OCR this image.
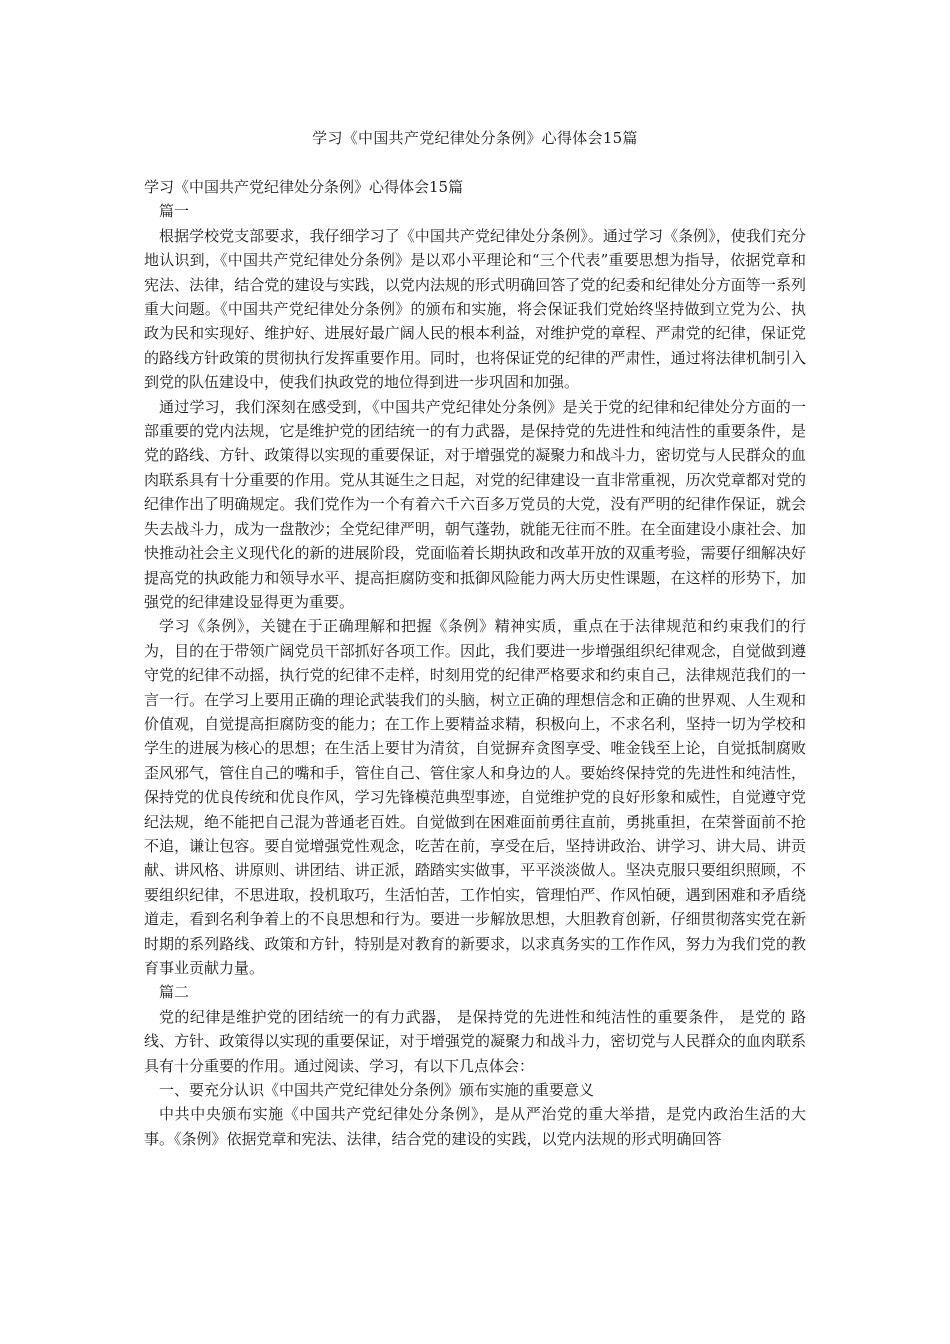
学习《中国共产党纪律处分条例》心得体会15篇

学习《中国共产党纪律处分条例》心得体会15篇

篇一

根据学校党支部要求，我仔细学习了《中国共产党纪律处分条例》。通过学习《条例》，使我们充分地认识到，《中国共产党纪律处分条例》是以邓小平理论和“三个代表”重要思想为指导，依据党章和宪法、法律，结合党的建设与实践，以党内法规的形式明确回答了党的纪委和纪律处分方面等一系列重大问题。《中国共产党纪律处分条例》的颁布和实施，将会保证我们党始终坚持做到立党为公、执政为民和实现好、维护好、进展好最广阔人民的根本利益，对维护党的章程、严肃党的纪律，保证党的路线方针政策的贯彻执行发挥重要作用。同时，也将保证党的纪律的严肃性，通过将法律机制引入到党的队伍建设中，使我们执政党的地位得到进一步巩固和加强。

通过学习，我们深刻在感受到，《中国共产党纪律处分条例》是关于党的纪律和纪律处分方面的一部重要的党内法规，它是维护党的团结统一的有力武器，是保持党的先进性和纯洁性的重要条件，是党的路线、方针、政策得以实现的重要保证，对于增强党的凝聚力和战斗力，密切党与人民群众的血肉联系具有十分重要的作用。党从其诞生之日起，对党的纪律建设一直非常重视，历次党章都对党的纪律作出了明确规定。我们党作为一个有着六千六百多万党员的大党，没有严明的纪律作保证，就会失去战斗力，成为一盘散沙；全党纪律严明，朝气蓬勃，就能无往而不胜。在全面建设小康社会、加快推动社会主义现代化的新的进展阶段，党面临着长期执政和改革开放的双重考验，需要仔细解决好提高党的执政能力和领导水平、提高拒腐防变和抵御风险能力两大历史性课题，在这样的形势下，加强党的纪律建设显得更为重要。

学习《条例》，关键在于正确理解和把握《条例》精神实质，重点在于法律规范和约束我们的行为，目的在于带领广阔党员干部抓好各项工作。因此，我们要进一步增强组织纪律观念，自觉做到遵守党的纪律不动摇，执行党的纪律不走样，时刻用党的纪律严格要求和约束自己，法律规范我们的一言一行。在学习上要用正确的理论武装我们的头脑，树立正确的理想信念和正确的世界观、人生观和价值观，自觉提高拒腐防变的能力；在工作上要精益求精，积极向上，不求名利，坚持一切为学校和学生的进展为核心的思想；在生活上要甘为清贫，自觉摒弃贪图享受、唯金钱至上论，自觉抵制腐败歪风邪气，管住自己的嘴和手，管住自己、管住家人和身边的人。要始终保持党的先进性和纯洁性，保持党的优良传统和优良作风，学习先锋模范典型事迹，自觉维护党的良好形象和威性，自觉遵守党纪法规，绝不能把自己混为普通老百姓。自觉做到在困难面前勇往直前，勇挑重担，在荣誉面前不抢不追，谦让包容。要自觉增强党性观念，吃苦在前，享受在后，坚持讲政治、讲学习、讲大局、讲贡献、讲风格、讲原则、讲团结、讲正派，踏踏实实做事，平平淡淡做人。坚决克服只要组织照顾，不要组织纪律，不思进取，投机取巧，生活怕苦，工作怕实，管理怕严、作风怕硬，遇到困难和矛盾绕道走，看到名利争着上的不良思想和行为。要进一步解放思想，大胆教育创新，仔细贯彻落实党在新时期的系列路线、政策和方针，特别是对教育的新要求，以求真务实的工作作风，努力为我们党的教育事业贡献力量。

篇二

党的纪律是维护党的团结统一的有力武器， 是保持党的先进性和纯洁性的重要条件， 是党的 路线、方针、政策得以实现的重要保证，对于增强党的凝聚力和战斗力，密切党与人民群众的血肉联系具有十分重要的作用。通过阅读、学习，有以下几点体会：

一、要充分认识《中国共产党纪律处分条例》颁布实施的重要意义

中共中央颁布实施《中国共产党纪律处分条例》，是从严治党的重大举措，是党内政治生活的大事。《条例》依据党章和宪法、法律，结合党的建设的实践，以党内法规的形式明确回答
